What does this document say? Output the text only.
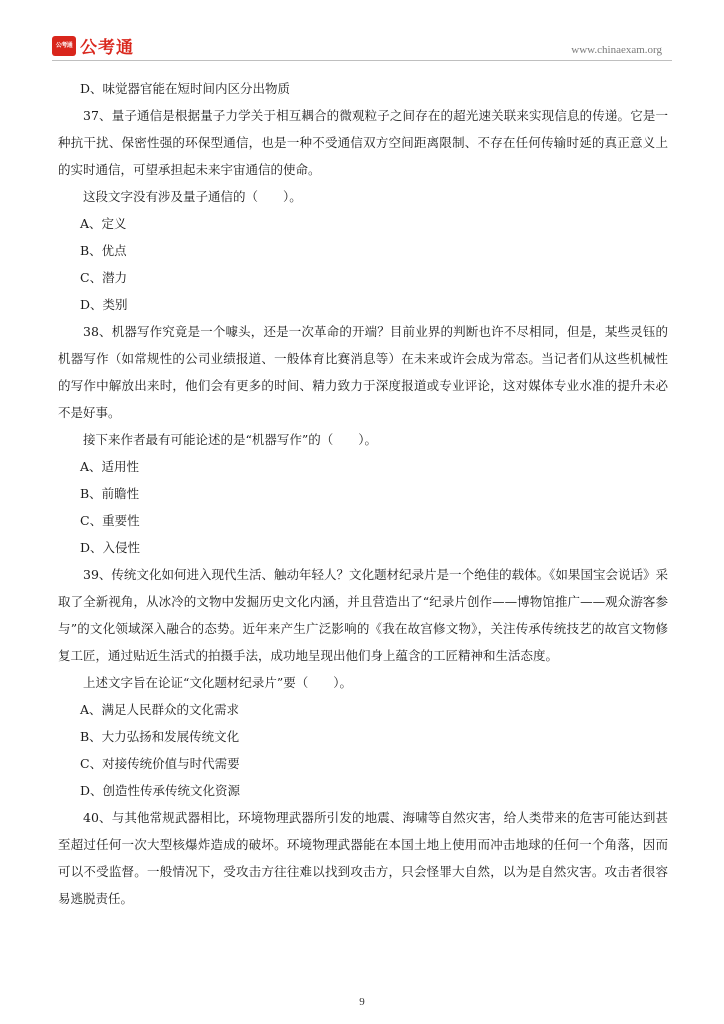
公考通 公考通	www.chinaexam.org

D、味觉器官能在短时间内区分出物质

37、量子通信是根据量子力学关于相互耦合的微观粒子之间存在的超光速关联来实现信息的传递。它是一种抗干扰、保密性强的环保型通信，也是一种不受通信双方空间距离限制、不存在任何传输时延的真正意义上的实时通信，可望承担起未来宇宙通信的使命。

这段文字没有涉及量子通信的（　　）。

A、定义

B、优点

C、潜力

D、类别

38、机器写作究竟是一个噱头，还是一次革命的开端？目前业界的判断也许不尽相同，但是，某些灵钰的机器写作（如常规性的公司业绩报道、一般体育比赛消息等）在未来或许会成为常态。当记者们从这些机械性的写作中解放出来时，他们会有更多的时间、精力致力于深度报道或专业评论，这对媒体专业水准的提升未必不是好事。

接下来作者最有可能论述的是“机器写作”的（　　）。

A、适用性

B、前瞻性

C、重要性

D、入侵性

39、传统文化如何进入现代生活、触动年轻人？文化题材纪录片是一个绝佳的载体。《如果国宝会说话》采取了全新视角，从冰冷的文物中发掘历史文化内涵，并且营造出了“纪录片创作——博物馆推广——观众游客参与”的文化领域深入融合的态势。近年来产生广泛影响的《我在故宫修文物》，关注传承传统技艺的故宫文物修复工匠，通过贴近生活式的拍摄手法，成功地呈现出他们身上蕴含的工匠精神和生活态度。

上述文字旨在论证“文化题材纪录片”要（　　）。

A、满足人民群众的文化需求

B、大力弘扬和发展传统文化

C、对接传统价值与时代需要

D、创造性传承传统文化资源

40、与其他常规武器相比，环境物理武器所引发的地震、海啸等自然灾害，给人类带来的危害可能达到甚至超过任何一次大型核爆炸造成的破坏。环境物理武器能在本国土地上使用而冲击地球的任何一个角落，因而可以不受监督。一般情况下，受攻击方往往难以找到攻击方，只会怪罪大自然，以为是自然灾害。攻击者很容易逃脱责任。

9
